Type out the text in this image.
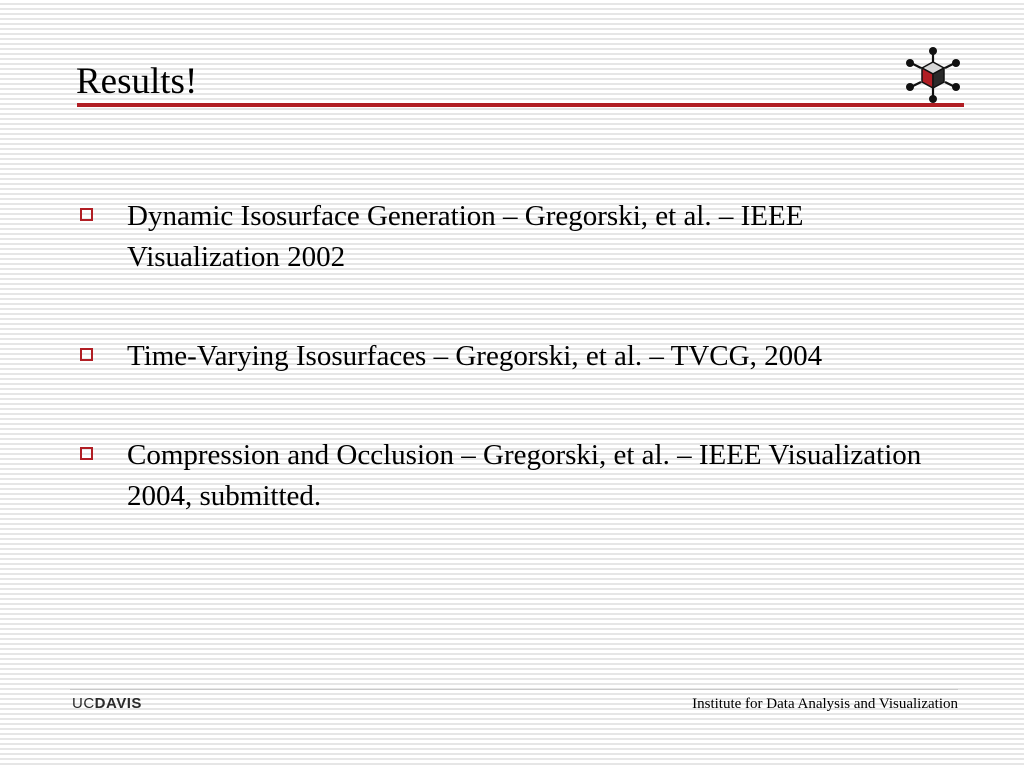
Results!
Dynamic Isosurface Generation – Gregorski, et al. – IEEE Visualization 2002
Time-Varying Isosurfaces – Gregorski, et al. – TVCG, 2004
Compression and Occlusion – Gregorski, et al. – IEEE Visualization 2004, submitted.
UCDAVIS	Institute for Data Analysis and Visualization
